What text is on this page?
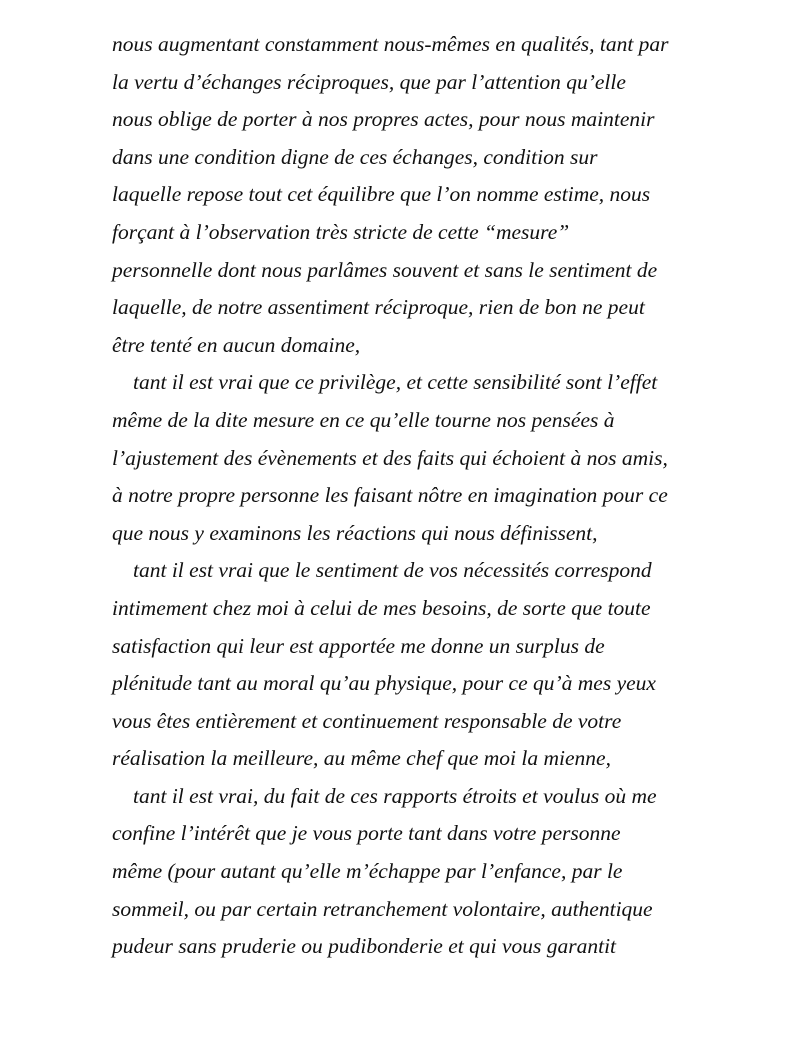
nous augmentant constamment nous-mêmes en qualités, tant par
la vertu d’échanges réciproques, que par l’attention qu’elle
nous oblige de porter à nos propres actes, pour nous maintenir
dans une condition digne de ces échanges, condition sur
laquelle repose tout cet équilibre que l’on nomme estime, nous
forçant à l’observation très stricte de cette “mesure”
personnelle dont nous parlâmes souvent et sans le sentiment de
laquelle, de notre assentiment réciproque, rien de bon ne peut
être tenté en aucun domaine,
tant il est vrai que ce privilège, et cette sensibilité sont l’effet
même de la dite mesure en ce qu’elle tourne nos pensées à
l’ajustement des évènements et des faits qui échoient à nos amis,
à notre propre personne les faisant nôtre en imagination pour ce
que nous y examinons les réactions qui nous définissent,
tant il est vrai que le sentiment de vos nécessités correspond
intimement chez moi à celui de mes besoins, de sorte que toute
satisfaction qui leur est apportée me donne un surplus de
plénitude tant au moral qu’au physique, pour ce qu’à mes yeux
vous êtes entièrement et continuement responsable de votre
réalisation la meilleure, au même chef que moi la mienne,
tant il est vrai, du fait de ces rapports étroits et voulus où me
confine l’intérêt que je vous porte tant dans votre personne
même (pour autant qu’elle m’échappe par l’enfance, par le
sommeil, ou par certain retranchement volontaire, authentique
pudeur sans pruderie ou pudibonderie et qui vous garantit
